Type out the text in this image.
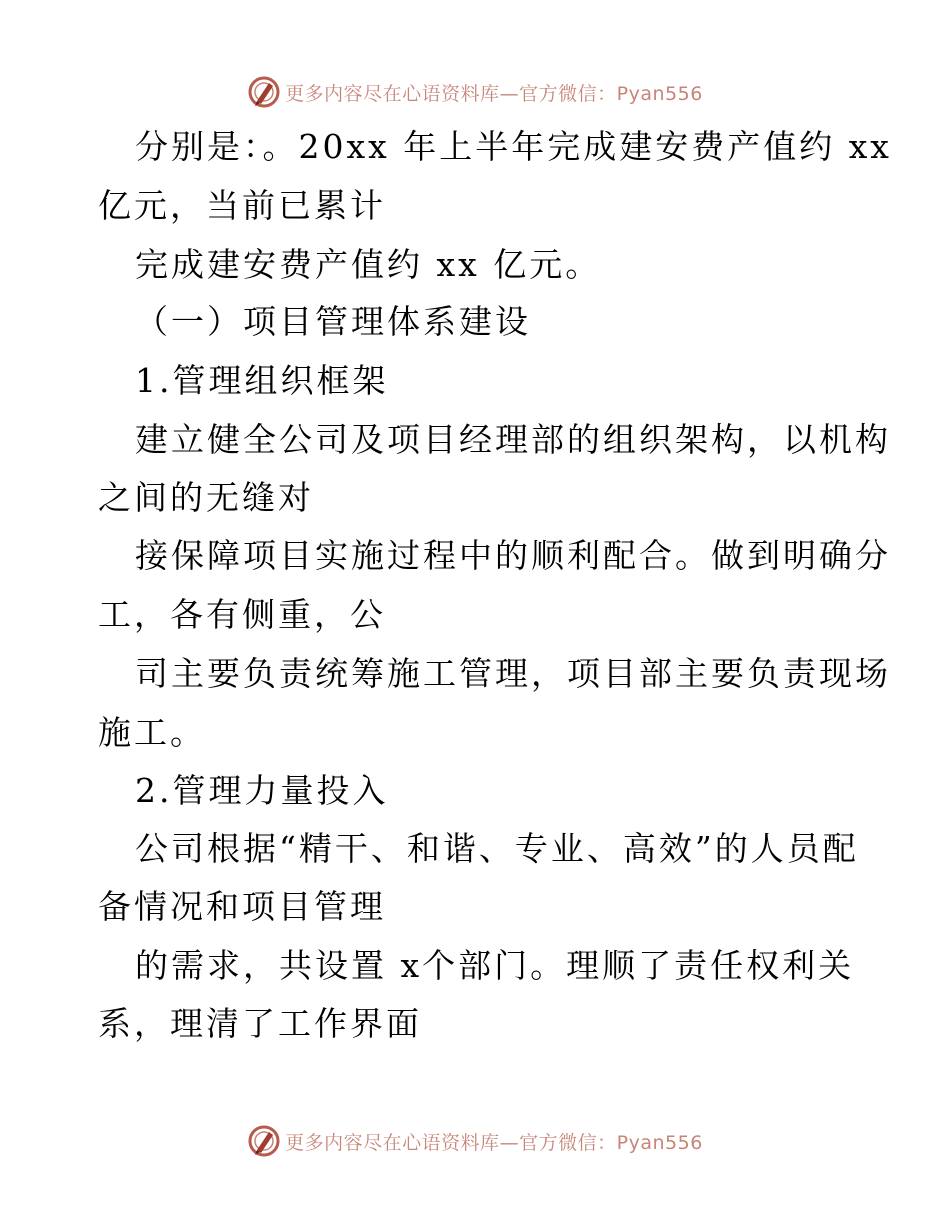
更多内容尽在心语资料库—官方微信：Pyan556
分别是：。20xx 年上半年完成建安费产值约 xx
亿元，当前已累计
完成建安费产值约 xx 亿元。
（一）项目管理体系建设
1.管理组织框架
建立健全公司及项目经理部的组织架构，以机构
之间的无缝对
接保障项目实施过程中的顺利配合。做到明确分
工，各有侧重，公
司主要负责统筹施工管理，项目部主要负责现场
施工。
2.管理力量投入
公司根据“精干、和谐、专业、高效”的人员配
备情况和项目管理
的需求，共设置 x个部门。理顺了责任权利关
系，理清了工作界面
更多内容尽在心语资料库—官方微信：Pyan556
